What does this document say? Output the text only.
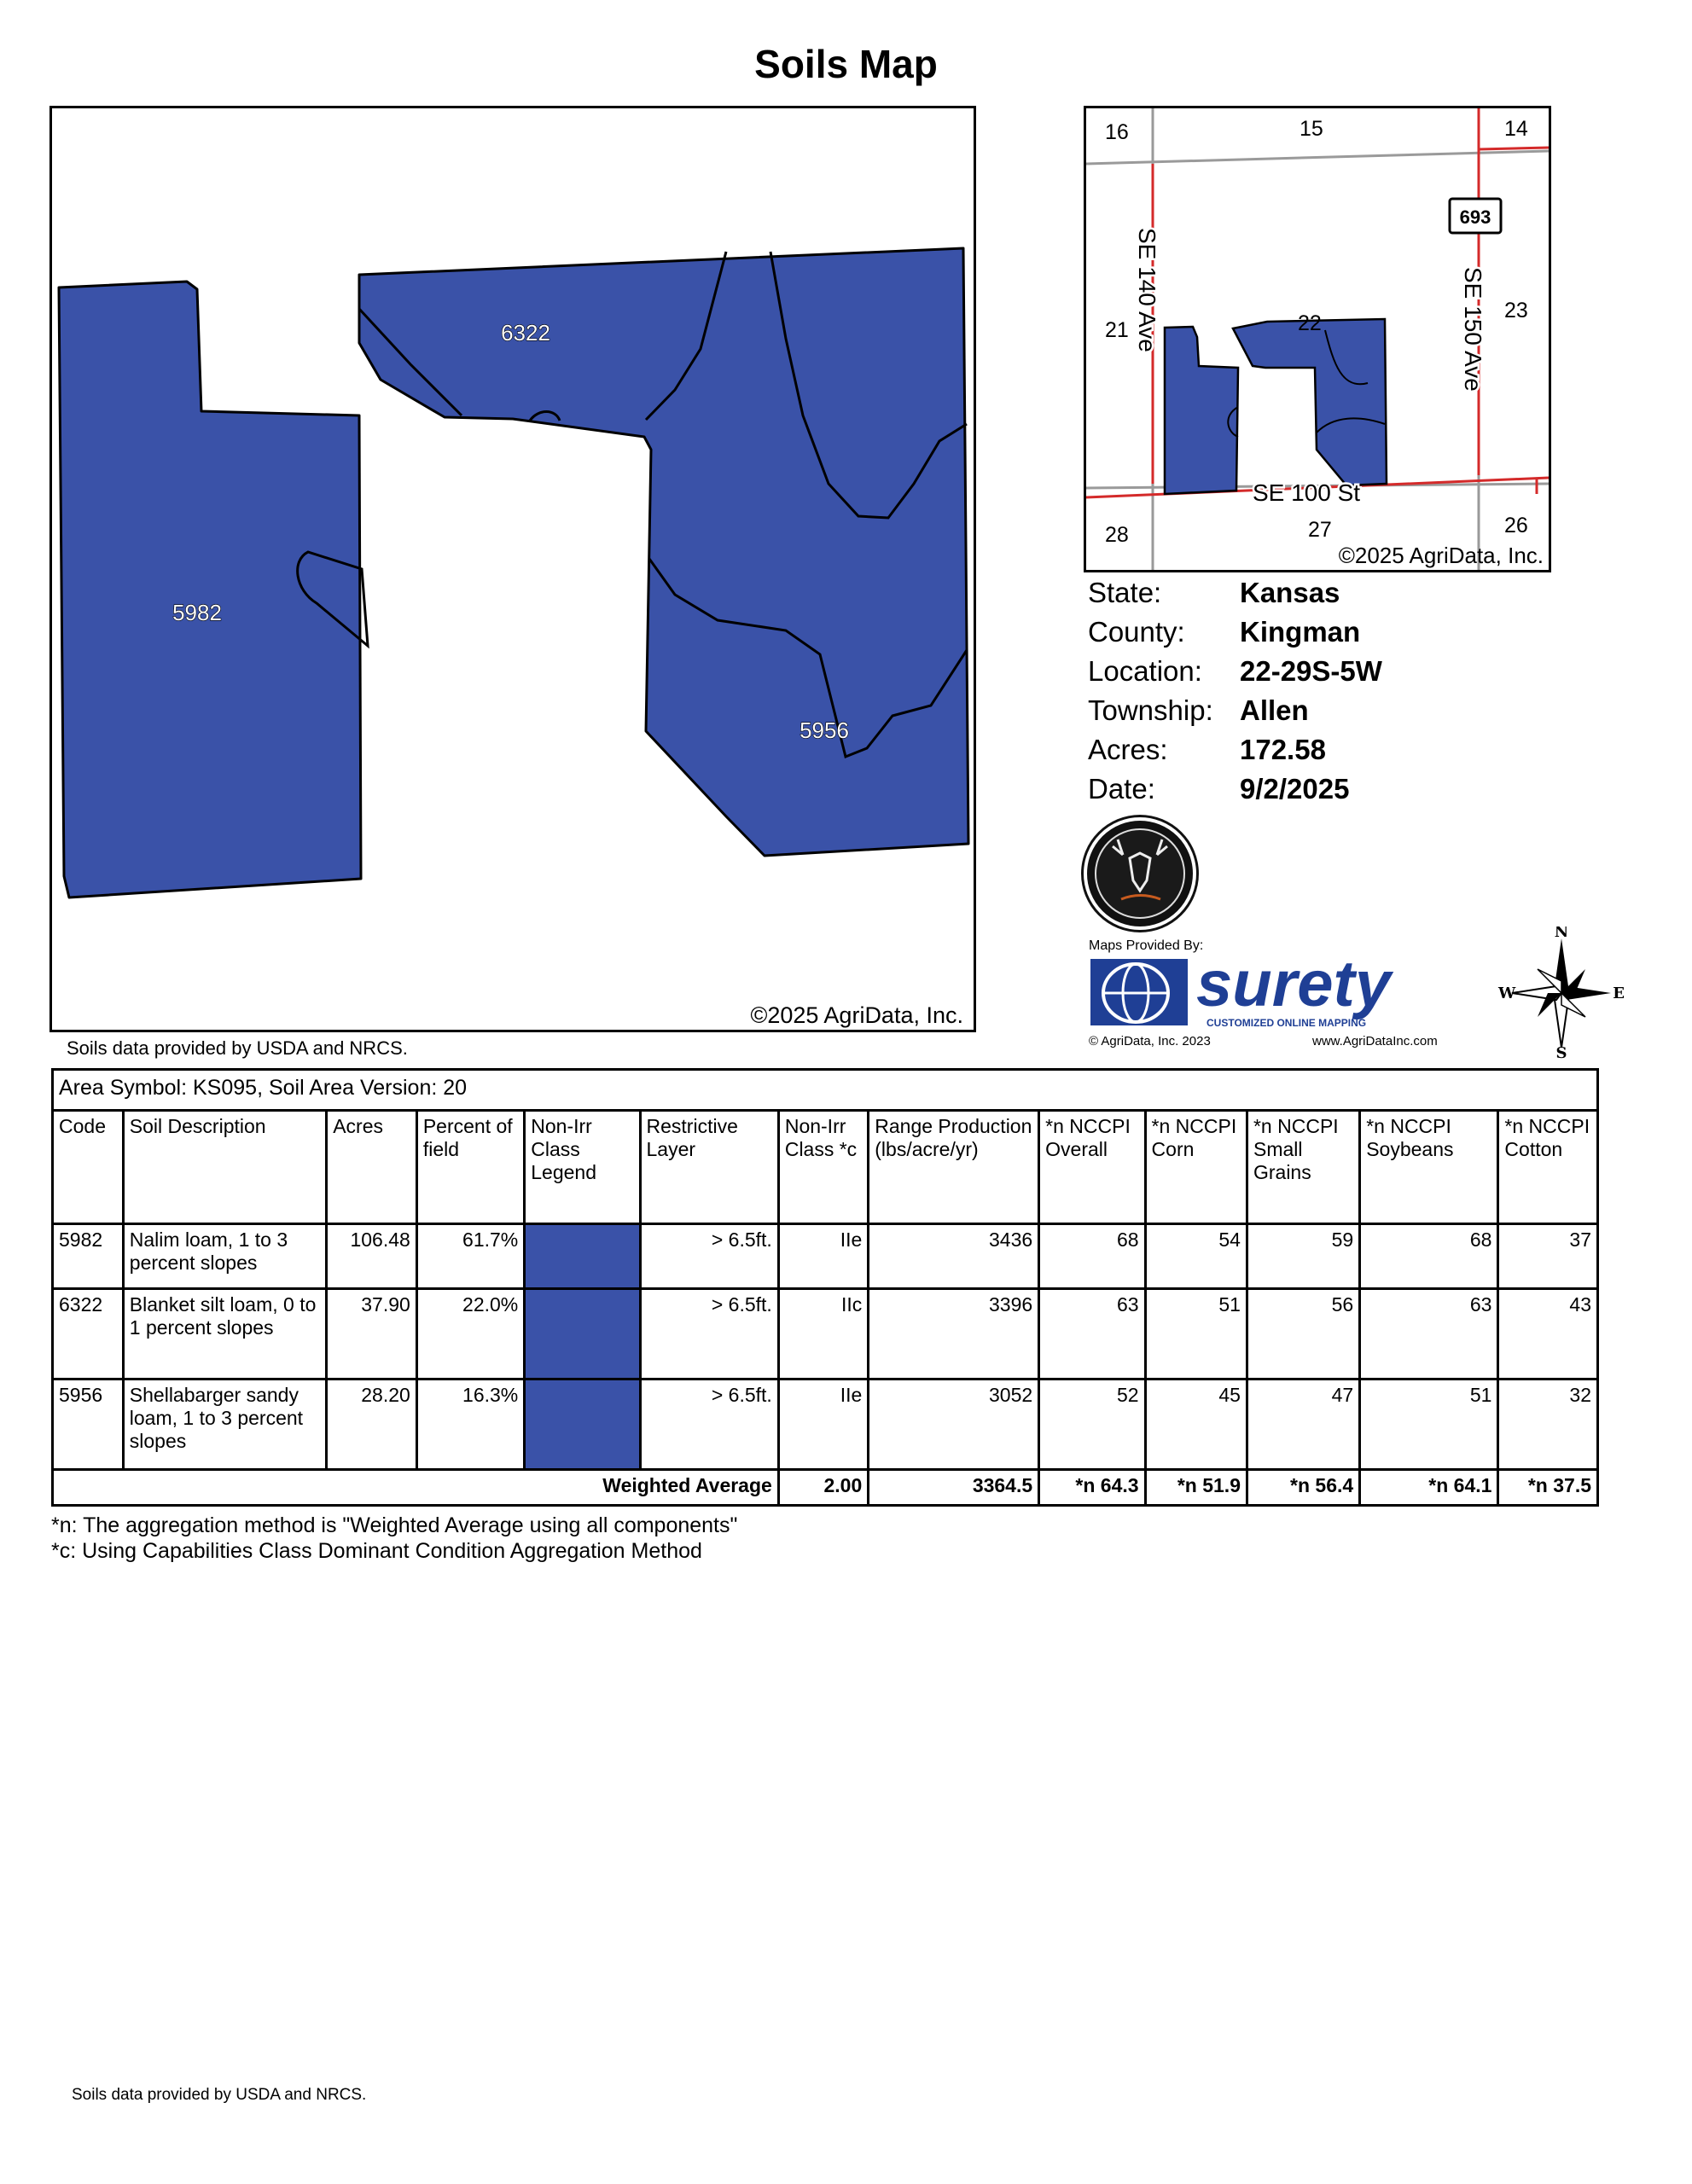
Soils Map
6322
5982
5956
©2025 AgriData, Inc.
693
16	15	14
21	22
23
28	27	26
SE 140 Ave	SE 150 Ave
SE 100 St
©2025 AgriData, Inc.
State:	Kansas
County: Kingman
Location: 22-29S-5W
Township: Allen
Acres:	172.58
Date:	9/2/2025
Maps Provided By:
surety
CUSTOMIZED ONLINE MAPPING
© AgriData, Inc. 2023	www.AgriDataInc.com
N
S
W	E
Soils data provided by USDA and NRCS.
Area Symbol: KS095, Soil Area Version: 20												
Code	Soil Description	Acres	Percent of field	Non-Irr Class Legend	Restrictive Layer	Non-Irr Class *c	Range Production (lbs/acre/yr)	*n NCCPI Overall	*n NCCPI Corn	*n NCCPI Small Grains	*n NCCPI Soybeans	*n NCCPI Cotton
5982	Nalim loam, 1 to 3 percent slopes	106.48	61.7%		> 6.5ft.	IIe	3436	68	54	59	68	37
6322	Blanket silt loam, 0 to 1 percent slopes	37.90	22.0%		> 6.5ft.	IIc	3396	63	51	56	63	43
5956	Shellabarger sandy loam, 1 to 3 percent slopes	28.20	16.3%		> 6.5ft.	IIe	3052	52	45	47	51	32
Weighted Average						2.00	3364.5	*n 64.3	*n 51.9	*n 56.4	*n 64.1	*n 37.5
*n: The aggregation method is "Weighted Average using all components"
*c: Using Capabilities Class Dominant Condition Aggregation Method
Soils data provided by USDA and NRCS.
